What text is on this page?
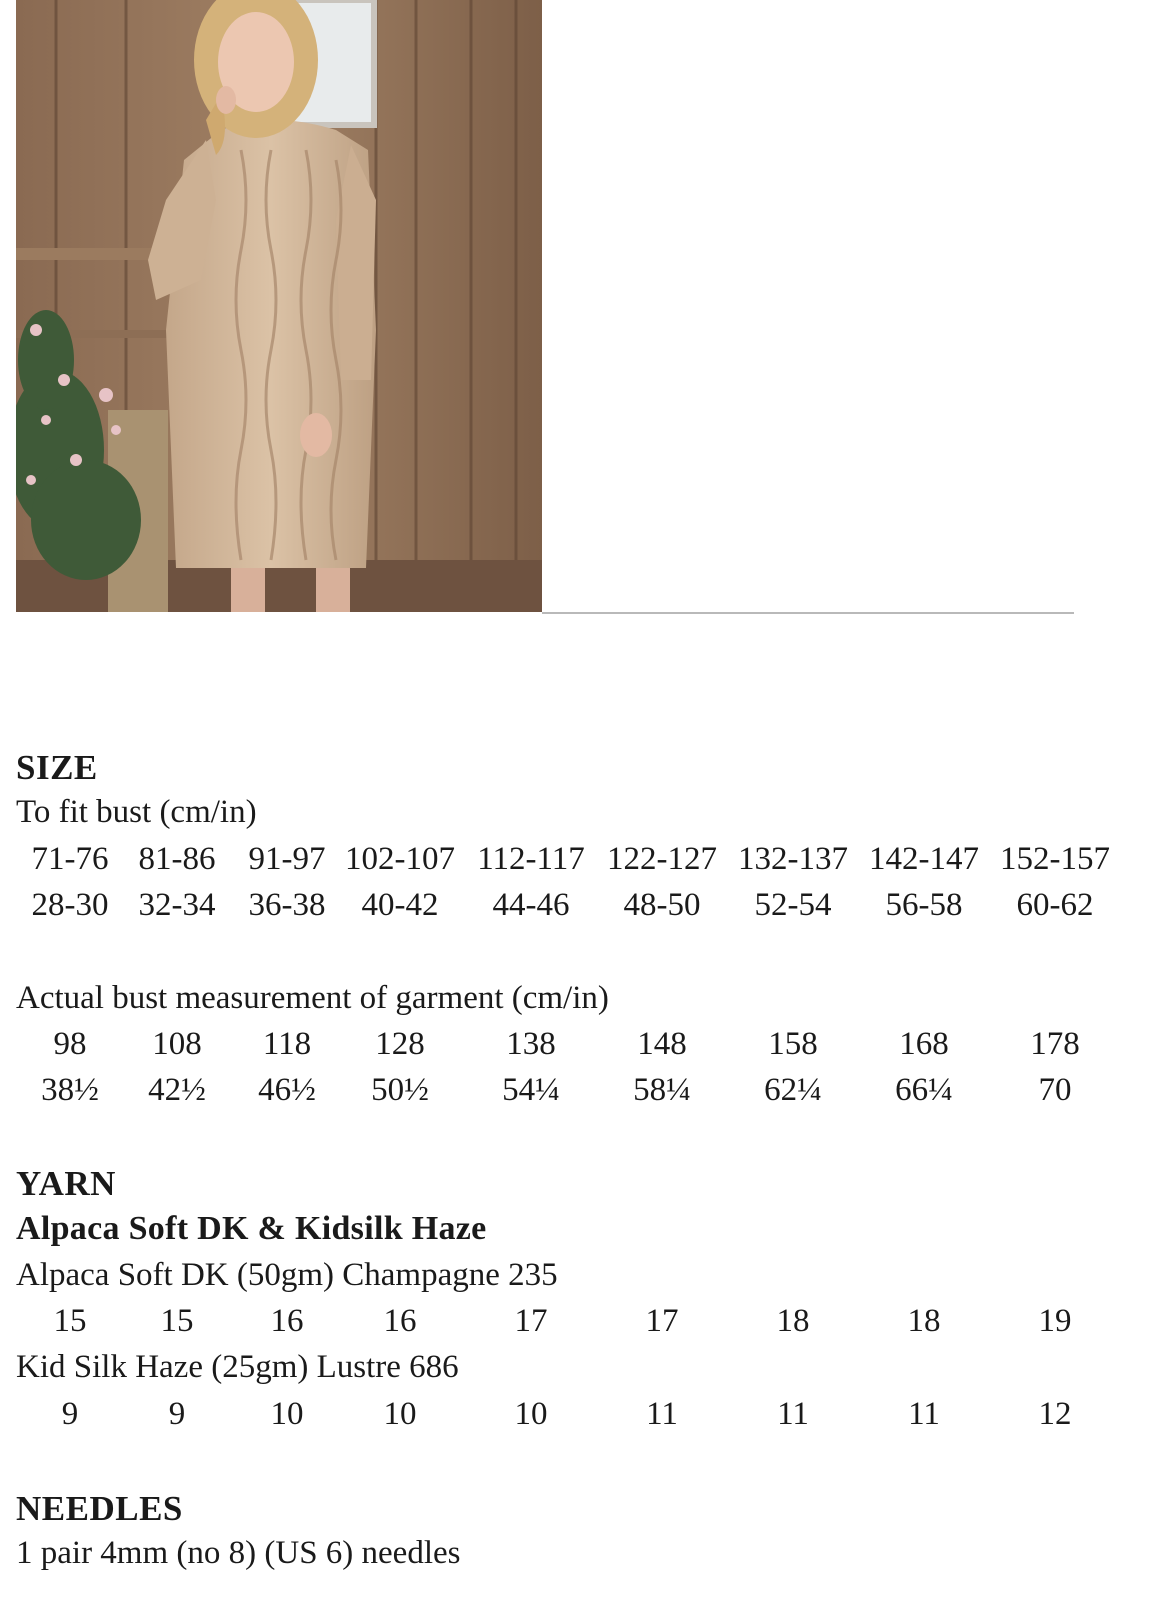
SIZE
To fit bust (cm/in)
71-76 81-86 91-97 102-107 112-117 122-127 132-137 142-147 152-157
28-30 32-34 36-38 40-42 44-46 48-50 52-54 56-58 60-62
Actual bust measurement of garment (cm/in)
98 108 118 128 138 148 158 168 178
38½ 42½ 46½ 50½ 54¼ 58¼ 62¼ 66¼	70
YARN
Alpaca Soft DK & Kidsilk Haze
Alpaca Soft DK (50gm) Champagne 235
15 15 16 16	17	17	18	18	19
Kid Silk Haze (25gm) Lustre 686
9	9	10 10	10	11	11	11	12
NEEDLES
1 pair 4mm (no 8) (US 6) needles
